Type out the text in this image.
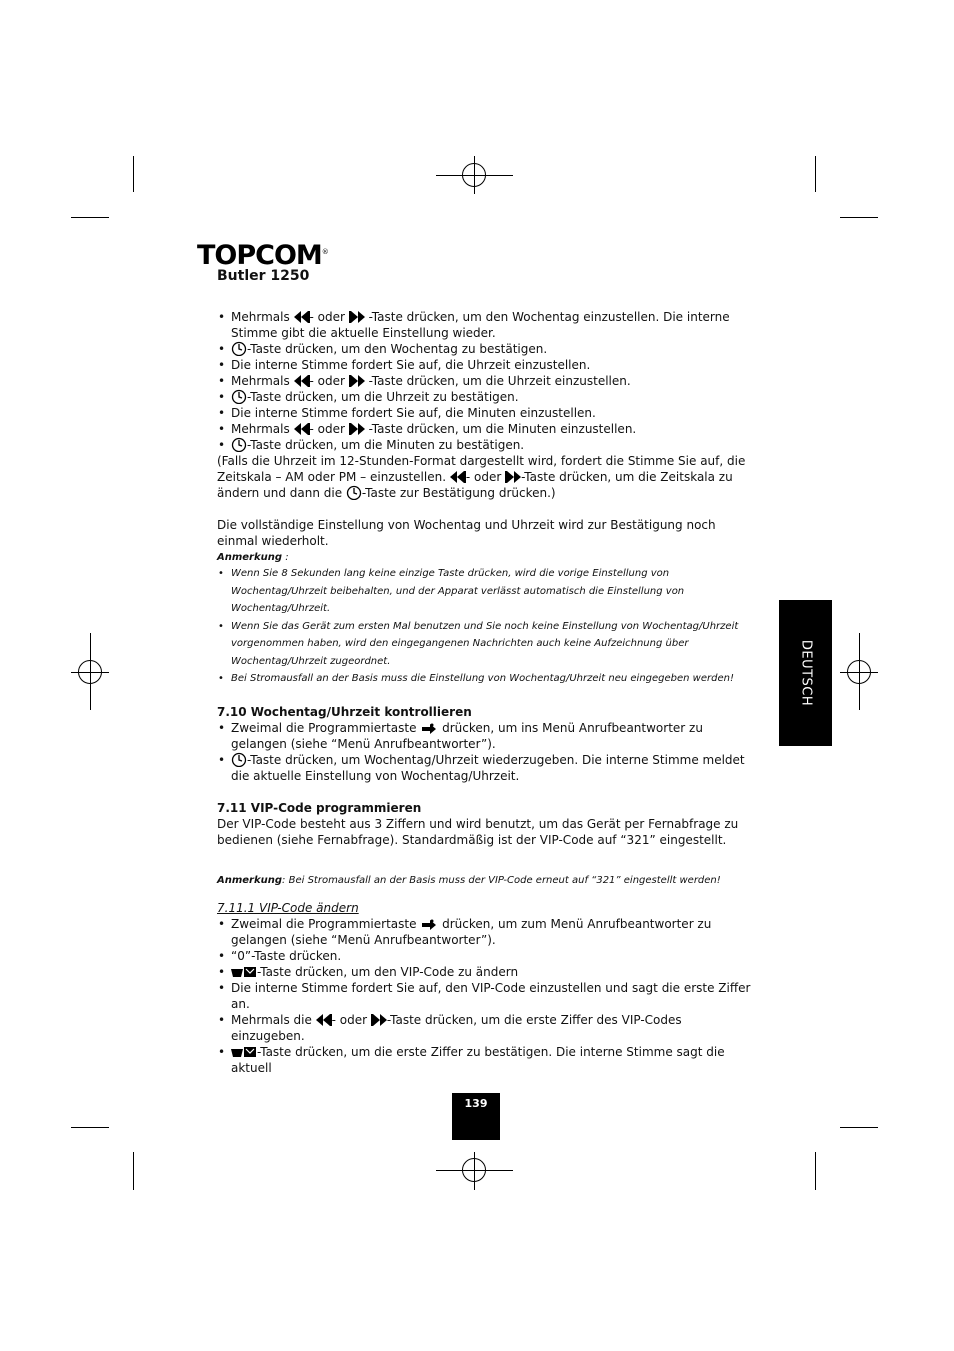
TOPCOM®
Butler 1250
DEUTSCH
139
• Mehrmals
- oder
-Taste drücken, um den Wochentag einzustellen. Die interne Stimme gibt die aktuelle Einstellung wieder.
• -Taste drücken, um den Wochentag zu bestätigen.
• Die interne Stimme fordert Sie auf, die Uhrzeit einzustellen.
• Mehrmals
- oder
-Taste drücken, um die Uhrzeit einzustellen.
• -Taste drücken, um die Uhrzeit zu bestätigen.
• Die interne Stimme fordert Sie auf, die Minuten einzustellen.
• Mehrmals
- oder
-Taste drücken, um die Minuten einzustellen.
• -Taste drücken, um die Minuten zu bestätigen.

(Falls die Uhrzeit im 12-Stunden-Format dargestellt wird, fordert die Stimme Sie auf, die Zeitskala – AM oder PM – einzustellen.
- oder
-Taste drücken, um die Zeitskala zu ändern und dann die
-Taste zur Bestätigung drücken.)

Die vollständige Einstellung von Wochentag und Uhrzeit wird zur Bestätigung noch einmal wiederholt.

Anmerkung :
• Wenn Sie 8 Sekunden lang keine einzige Taste drücken, wird die vorige Einstellung von Wochentag/Uhrzeit beibehalten, und der Apparat verlässt automatisch die Einstellung von Wochentag/Uhrzeit.
• Wenn Sie das Gerät zum ersten Mal benutzen und Sie noch keine Einstellung von Wochentag/Uhrzeit vorgenommen haben, wird den eingegangenen Nachrichten auch keine Aufzeichnung über Wochentag/Uhrzeit zugeordnet.
• Bei Stromausfall an der Basis muss die Einstellung von Wochentag/Uhrzeit neu eingegeben werden!
7.10 Wochentag/Uhrzeit kontrollieren
• Zweimal die Programmiertaste
drücken, um ins Menü Anrufbeantworter zu gelangen (siehe “Menü Anrufbeantworter”).
• -Taste drücken, um Wochentag/Uhrzeit wiederzugeben. Die interne Stimme meldet die aktuelle Einstellung von Wochentag/Uhrzeit.
7.11 VIP-Code programmieren

Der VIP-Code besteht aus 3 Ziffern und wird benutzt, um das Gerät per Fernabfrage zu bedienen (siehe Fernabfrage). Standardmäßig ist der VIP-Code auf “321” eingestellt.

Anmerkung: Bei Stromausfall an der Basis muss der VIP-Code erneut auf “321” eingestellt werden!
7.11.1 VIP-Code ändern
• Zweimal die Programmiertaste
drücken, um zum Menü Anrufbeantworter zu gelangen (siehe “Menü Anrufbeantworter”).
• “0”-Taste drücken.
• -Taste drücken, um den VIP-Code zu ändern
• Die interne Stimme fordert Sie auf, den VIP-Code einzustellen und sagt die erste Ziffer an.
• Mehrmals die
- oder
-Taste drücken, um die erste Ziffer des VIP-Codes einzugeben.
• -Taste drücken, um die erste Ziffer zu bestätigen. Die interne Stimme sagt die aktuell
